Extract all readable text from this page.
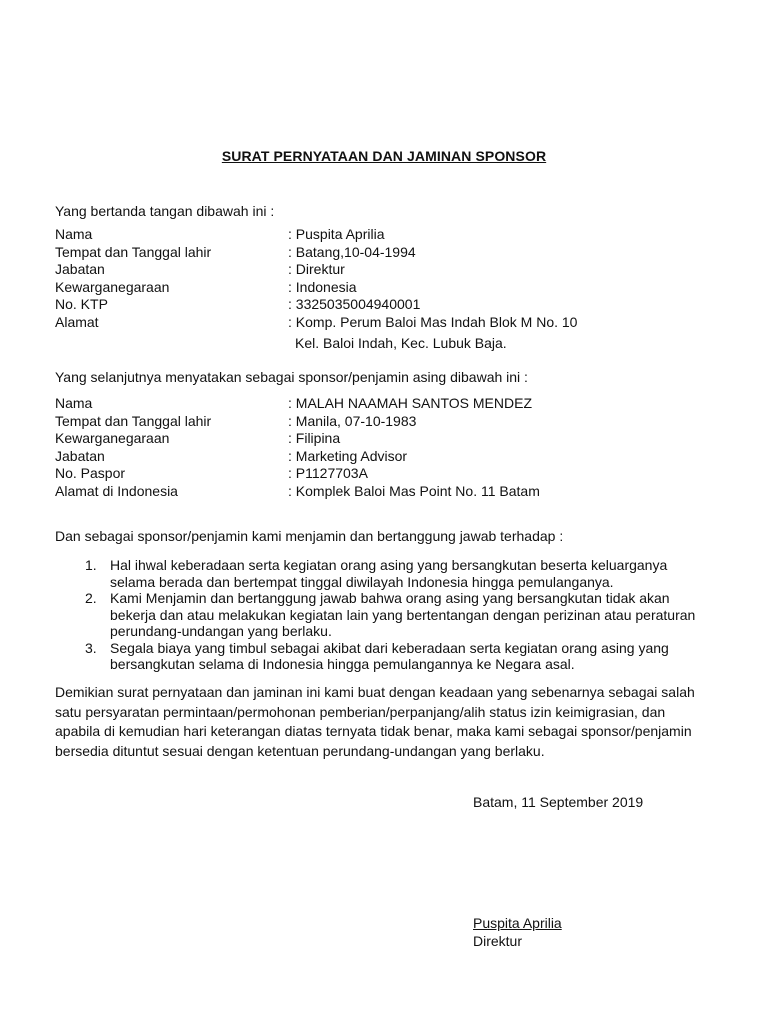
SURAT PERNYATAAN DAN JAMINAN SPONSOR
Yang bertanda tangan dibawah ini :
Nama	: Puspita Aprilia
Tempat dan Tanggal lahir	: Batang,10-04-1994
Jabatan	: Direktur
Kewarganegaraan	: Indonesia
No. KTP	: 3325035004940001
Alamat	: Komp. Perum Baloi Mas Indah Blok M No. 10
Kel. Baloi Indah, Kec. Lubuk Baja.
Yang selanjutnya menyatakan sebagai sponsor/penjamin asing dibawah ini :
Nama	: MALAH NAAMAH SANTOS MENDEZ
Tempat dan Tanggal lahir	: Manila, 07-10-1983
Kewarganegaraan	: Filipina
Jabatan	: Marketing Advisor
No. Paspor	: P1127703A
Alamat di Indonesia	: Komplek Baloi Mas Point No. 11 Batam
Dan sebagai sponsor/penjamin kami menjamin dan bertanggung jawab terhadap :
1. Hal ihwal keberadaan serta kegiatan orang asing yang bersangkutan beserta keluarganya
selama berada dan bertempat tinggal diwilayah Indonesia hingga pemulanganya.
2. Kami Menjamin dan bertanggung jawab bahwa orang asing yang bersangkutan tidak akan
bekerja dan atau melakukan kegiatan lain yang bertentangan dengan perizinan atau peraturan
perundang-undangan yang berlaku.
3. Segala biaya yang timbul sebagai akibat dari keberadaan serta kegiatan orang asing yang
bersangkutan selama di Indonesia hingga pemulangannya ke Negara asal.
Demikian surat pernyataan dan jaminan ini kami buat dengan keadaan yang sebenarnya sebagai salah
satu persyaratan permintaan/permohonan pemberian/perpanjang/alih status izin keimigrasian, dan
apabila di kemudian hari keterangan diatas ternyata tidak benar, maka kami sebagai sponsor/penjamin
bersedia dituntut sesuai dengan ketentuan perundang-undangan yang berlaku.
Batam, 11 September 2019
Puspita Aprilia
Direktur
